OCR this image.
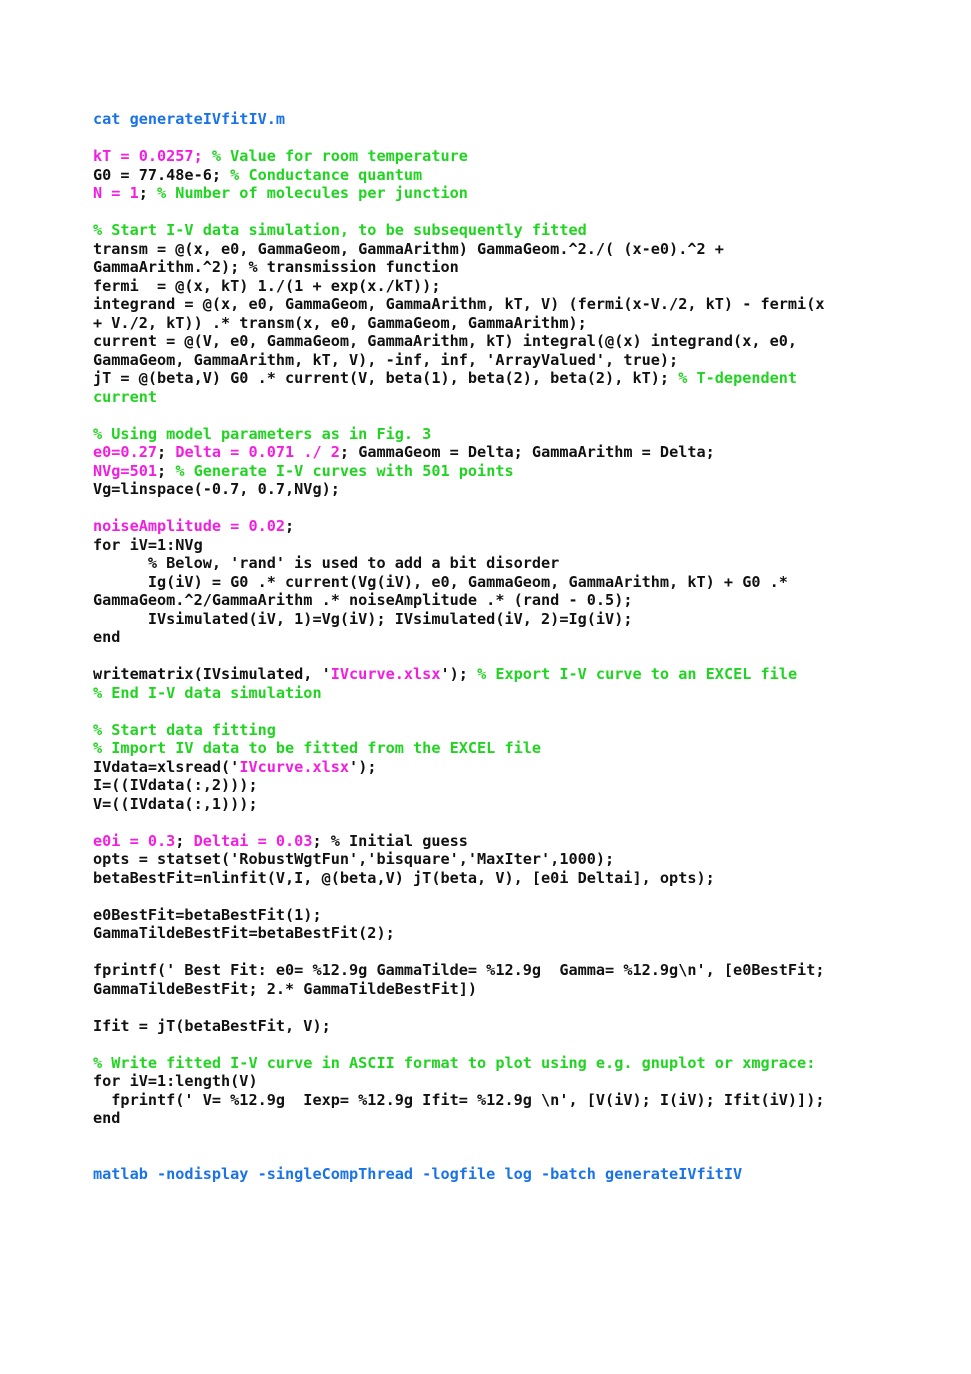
cat generateIVfitIV.m
kT = 0.0257; % Value for room temperature
G0 = 77.48e-6; % Conductance quantum
N = 1; % Number of molecules per junction
% Start I-V data simulation, to be subsequently fitted
transm = @(x, e0, GammaGeom, GammaArithm) GammaGeom.^2./( (x-e0).^2 +
GammaArithm.^2); % transmission function
fermi  = @(x, kT) 1./(1 + exp(x./kT));
integrand = @(x, e0, GammaGeom, GammaArithm, kT, V) (fermi(x-V./2, kT) - fermi(x
+ V./2, kT)) .* transm(x, e0, GammaGeom, GammaArithm);
current = @(V, e0, GammaGeom, GammaArithm, kT) integral(@(x) integrand(x, e0,
GammaGeom, GammaArithm, kT, V), -inf, inf, 'ArrayValued', true);
jT = @(beta,V) G0 .* current(V, beta(1), beta(2), beta(2), kT); % T-dependent
current
% Using model parameters as in Fig. 3
e0=0.27; Delta = 0.071 ./ 2; GammaGeom = Delta; GammaArithm = Delta;
NVg=501; % Generate I-V curves with 501 points
Vg=linspace(-0.7, 0.7,NVg);
noiseAmplitude = 0.02;
for iV=1:NVg
% Below, 'rand' is used to add a bit disorder
Ig(iV) = G0 .* current(Vg(iV), e0, GammaGeom, GammaArithm, kT) + G0 .*
GammaGeom.^2/GammaArithm .* noiseAmplitude .* (rand - 0.5);
IVsimulated(iV, 1)=Vg(iV); IVsimulated(iV, 2)=Ig(iV);
end
writematrix(IVsimulated, 'IVcurve.xlsx'); % Export I-V curve to an EXCEL file
% End I-V data simulation
% Start data fitting
% Import IV data to be fitted from the EXCEL file
IVdata=xlsread('IVcurve.xlsx');
I=((IVdata(:,2)));
V=((IVdata(:,1)));
e0i = 0.3; Deltai = 0.03; % Initial guess
opts = statset('RobustWgtFun','bisquare','MaxIter',1000);
betaBestFit=nlinfit(V,I, @(beta,V) jT(beta, V), [e0i Deltai], opts);
e0BestFit=betaBestFit(1);
GammaTildeBestFit=betaBestFit(2);
fprintf(' Best Fit: e0= %12.9g GammaTilde= %12.9g  Gamma= %12.9g\n', [e0BestFit;
GammaTildeBestFit; 2.* GammaTildeBestFit])
Ifit = jT(betaBestFit, V);
% Write fitted I-V curve in ASCII format to plot using e.g. gnuplot or xmgrace:
for iV=1:length(V)
fprintf(' V= %12.9g  Iexp= %12.9g Ifit= %12.9g \n', [V(iV); I(iV); Ifit(iV)]);
end
matlab -nodisplay -singleCompThread -logfile log -batch generateIVfitIV
